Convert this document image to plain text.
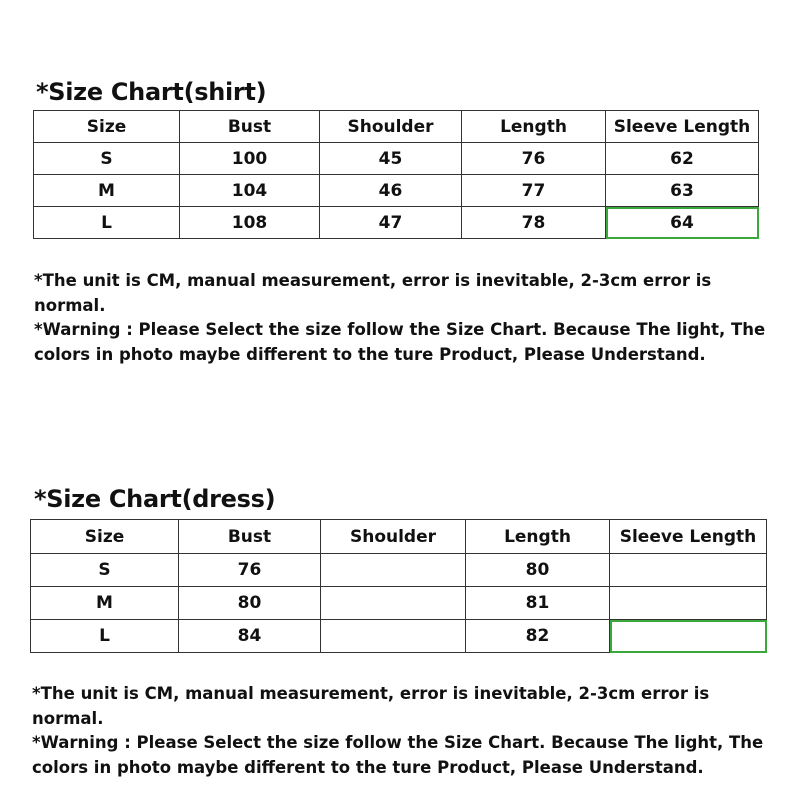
*Size Chart(shirt)
Size	Bust	Shoulder	Length	Sleeve Length
S	100	45	76	62
M	104	46	77	63
L	108	47	78	64

*The unit is CM, manual measurement, error is inevitable, 2-3cm error is normal.

*Warning : Please Select the size follow the Size Chart. Because The light, The colors in photo maybe different to the ture Product, Please Understand.

*Size Chart(dress)
Size	Bust	Shoulder	Length	Sleeve Length
S	76		80	
M	80		81	
L	84		82	

*The unit is CM, manual measurement, error is inevitable, 2-3cm error is normal.

*Warning : Please Select the size follow the Size Chart. Because The light, The colors in photo maybe different to the ture Product, Please Understand.
